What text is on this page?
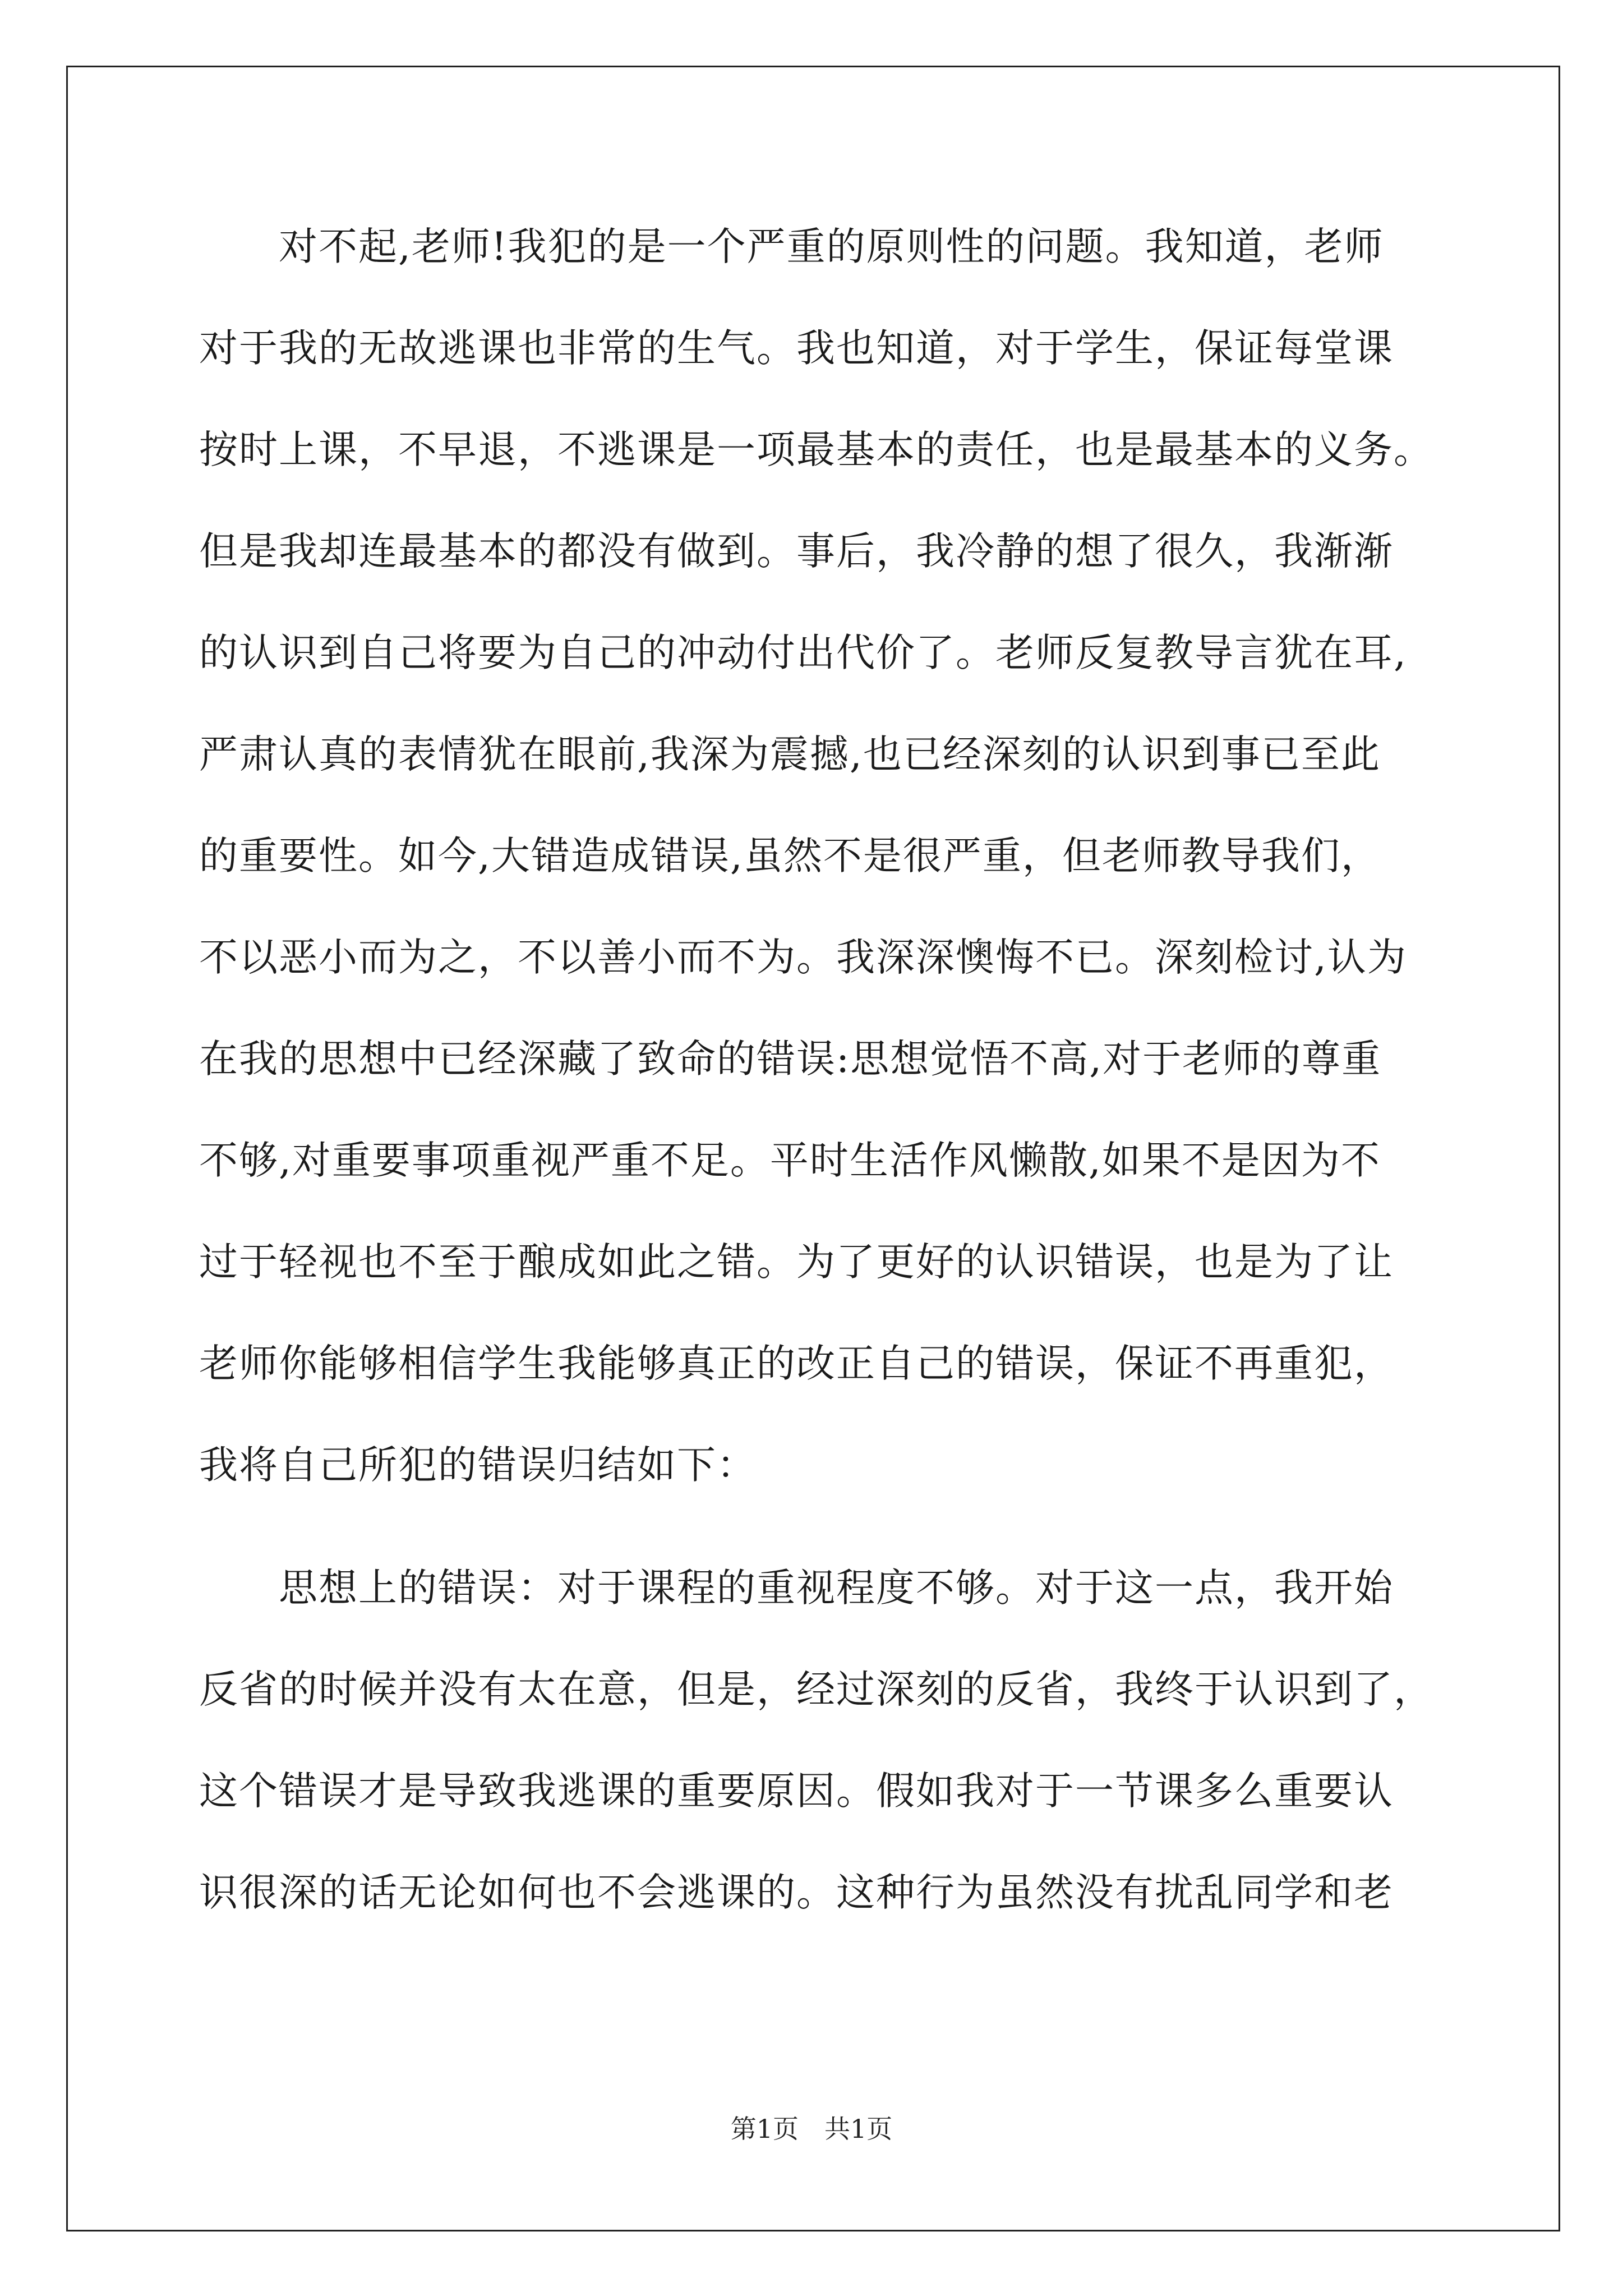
　　对不起,老师!我犯的是一个严重的原则性的问题。我知道，老师
对于我的无故逃课也非常的生气。我也知道，对于学生，保证每堂课
按时上课，不早退，不逃课是一项最基本的责任，也是最基本的义务。
但是我却连最基本的都没有做到。事后，我冷静的想了很久，我渐渐
的认识到自己将要为自己的冲动付出代价了。老师反复教导言犹在耳,
严肃认真的表情犹在眼前,我深为震撼,也已经深刻的认识到事已至此
的重要性。如今,大错造成错误,虽然不是很严重，但老师教导我们，
不以恶小而为之，不以善小而不为。我深深懊悔不已。深刻检讨,认为
在我的思想中已经深藏了致命的错误:思想觉悟不高,对于老师的尊重
不够,对重要事项重视严重不足。平时生活作风懒散,如果不是因为不
过于轻视也不至于酿成如此之错。为了更好的认识错误，也是为了让
老师你能够相信学生我能够真正的改正自己的错误，保证不再重犯，
我将自己所犯的错误归结如下：
　　思想上的错误：对于课程的重视程度不够。对于这一点，我开始
反省的时候并没有太在意，但是，经过深刻的反省，我终于认识到了，
这个错误才是导致我逃课的重要原因。假如我对于一节课多么重要认
识很深的话无论如何也不会逃课的。这种行为虽然没有扰乱同学和老
第1页　共1页
